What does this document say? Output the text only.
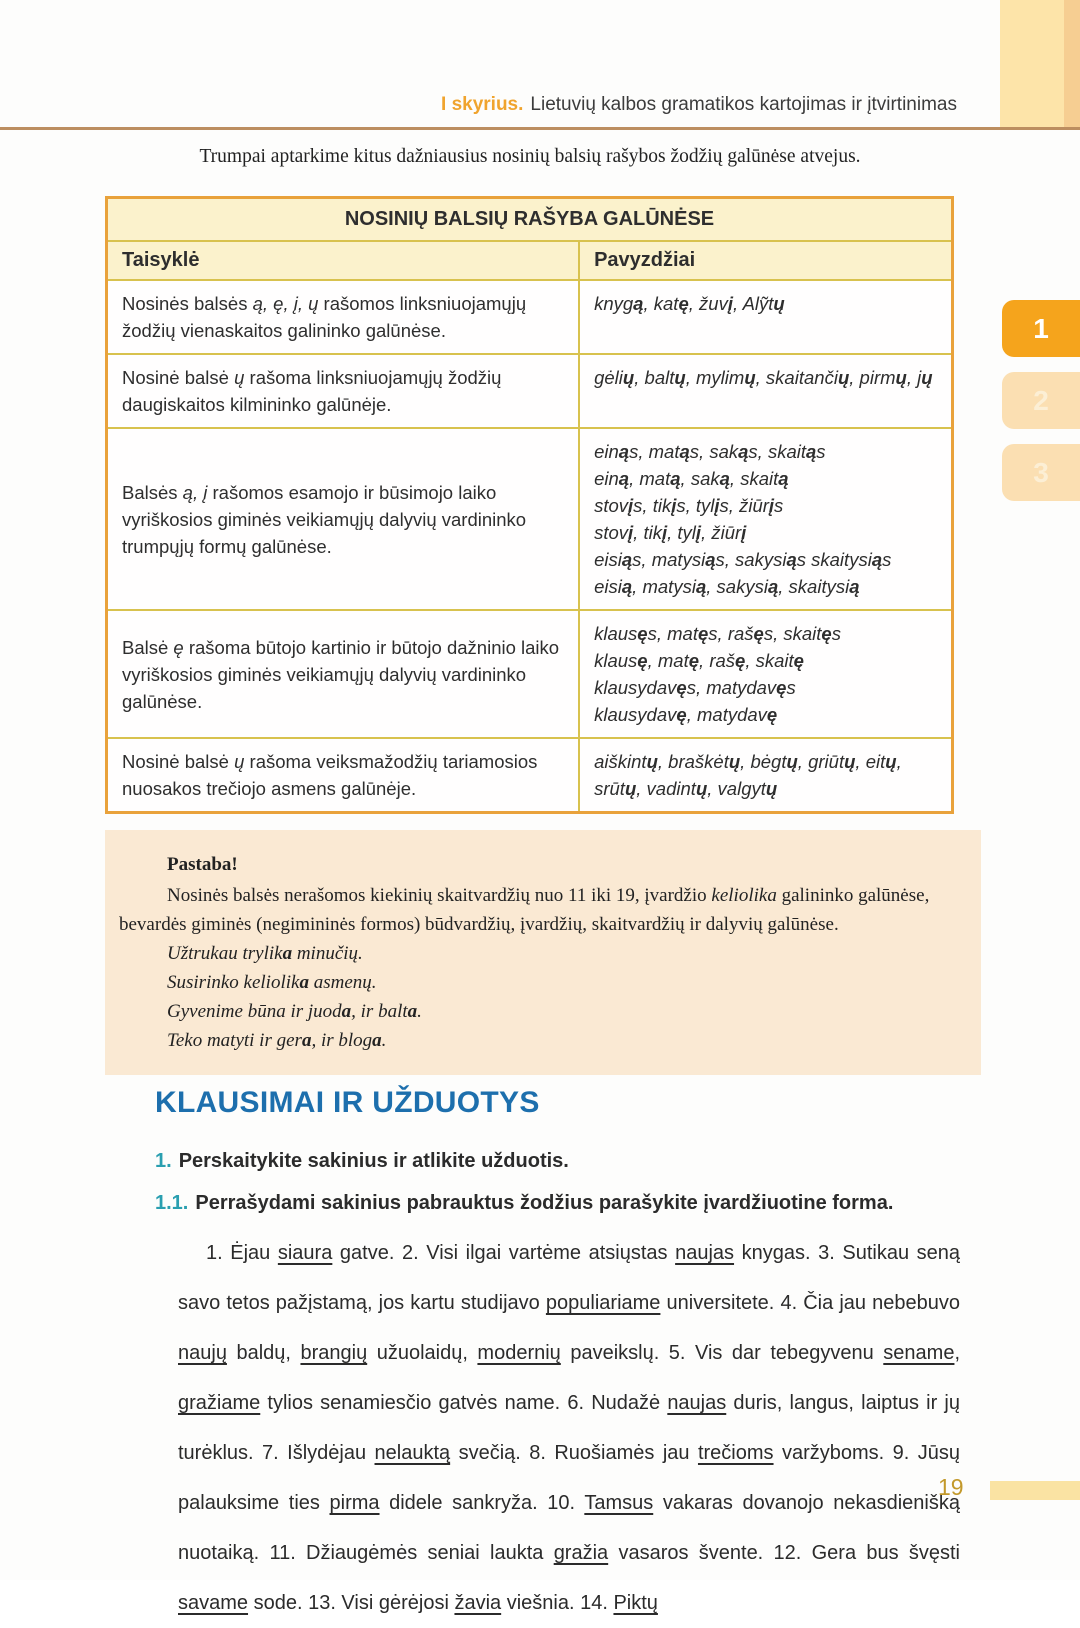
I skyrius. Lietuvių kalbos gramatikos kartojimas ir įtvirtinimas

Trumpai aptarkime kitus dažniausius nosinių balsių rašybos žodžių galūnėse atvejus.

NOSINIŲ BALSIŲ RAŠYBA GALŪNĖSE
Taisyklė	Pavyzdžiai
Nosinės balsės ą, ę, į, ų rašomos linksniuojamųjų žodžių vienaskaitos galininko galūnėse.
knygą, katę, žuvį, Alỹtų
Nosinė balsė ų rašoma linksniuojamųjų žodžių daugiskaitos kilmininko galūnėje.
gėlių, baltų, mylimų, skaitančių, pirmų, jų
Balsės ą, į rašomos esamojo ir būsimojo laiko vyriškosios giminės veikiamųjų dalyvių vardininko trumpųjų formų galūnėse.
einąs, matąs, sakąs, skaitąs
einą, matą, saką, skaitą
stovįs, tikįs, tylįs, žiūrįs
stovį, tikį, tylį, žiūrį
eisiąs, matysiąs, sakysiąs skaitysiąs
eisią, matysią, sakysią, skaitysią
Balsė ę rašoma būtojo kartinio ir būtojo dažninio laiko vyriškosios giminės veikiamųjų dalyvių vardininko galūnėse.
klausęs, matęs, rašęs, skaitęs
klausę, matę, rašę, skaitę
klausydavęs, matydavęs
klausydavę, matydavę
Nosinė balsė ų rašoma veiksmažodžių tariamosios nuosakos trečiojo asmens galūnėje.
aiškintų, braškėtų, bėgtų, griūtų, eitų, srūtų, vadintų, valgytų
Pastaba!

Nosinės balsės nerašomos kiekinių skaitvardžių nuo 11 iki 19, įvardžio keliolika galininko galūnėse, bevardės giminės (negimininės formos) būdvardžių, įvardžių, skaitvardžių ir dalyvių galūnėse.

Užtrukau trylika minučių.
Susirinko keliolika asmenų.
Gyvenime būna ir juoda, ir balta.
Teko matyti ir gera, ir bloga.
KLAUSIMAI IR UŽDUOTYS
1. Perskaitykite sakinius ir atlikite užduotis.
1.1. Perrašydami sakinius pabrauktus žodžius parašykite įvardžiuotine forma.

1. Ėjau siaura gatve. 2. Visi ilgai vartėme atsiųstas naujas knygas. 3. Sutikau seną savo tetos pažįstamą, jos kartu studijavo populiariame universitete. 4. Čia jau nebebuvo naujų baldų, brangių užuolaidų, modernių paveikslų. 5. Vis dar tebegyvenu sename, gražiame tylios senamiesčio gatvės name. 6. Nudažė naujas duris, langus, laiptus ir jų turėklus. 7. Išlydėjau nelauktą svečią. 8. Ruošiamės jau trečioms varžyboms. 9. Jūsų palauksime ties pirma didele sankryža. 10. Tamsus vakaras dovanojo nekasdienišką nuotaiką. 11. Džiaugėmės seniai laukta gražia vasaros švente. 12. Gera bus švęsti savame sode. 13. Visi gėrėjosi žavia viešnia. 14. Piktų

1
2
3
19
